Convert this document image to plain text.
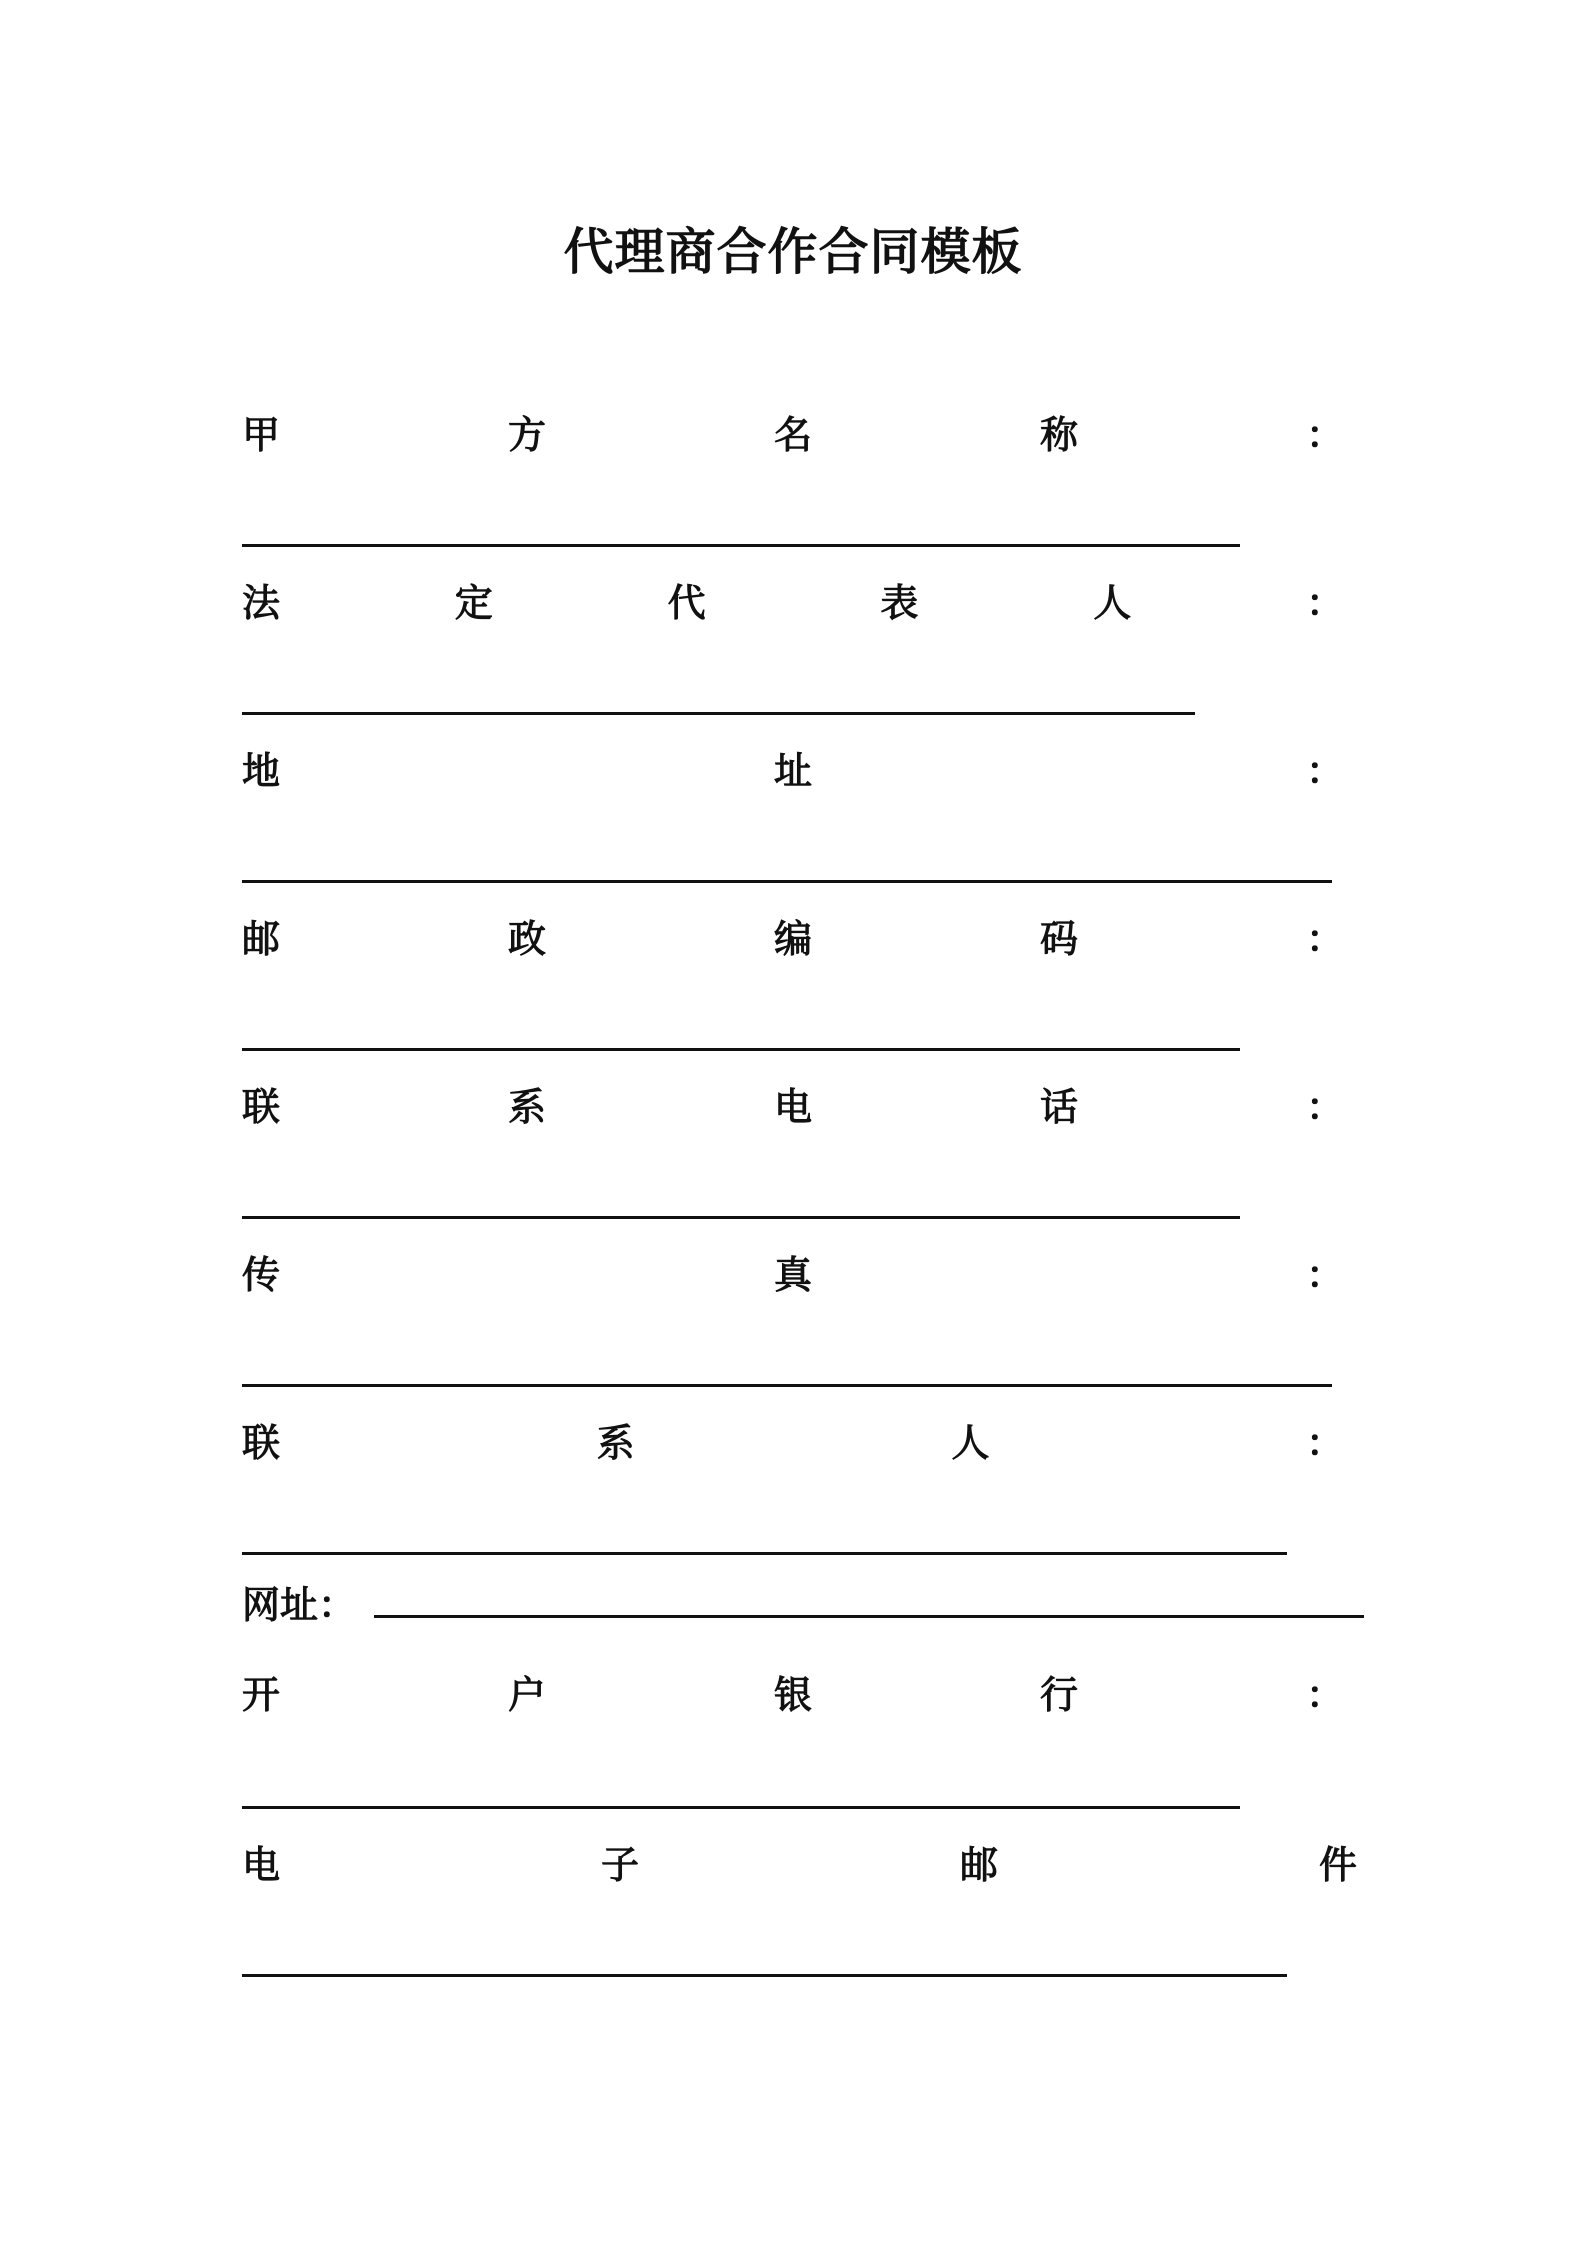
代理商合作合同模板
甲	方	名	称	：
法	定	代	表	人	：
地	址	：
邮	政	编	码	：
联	系	电	话	：
传	真	：
联	系	人	：
网址：
开	户	银	行	：
电	子	邮	件
